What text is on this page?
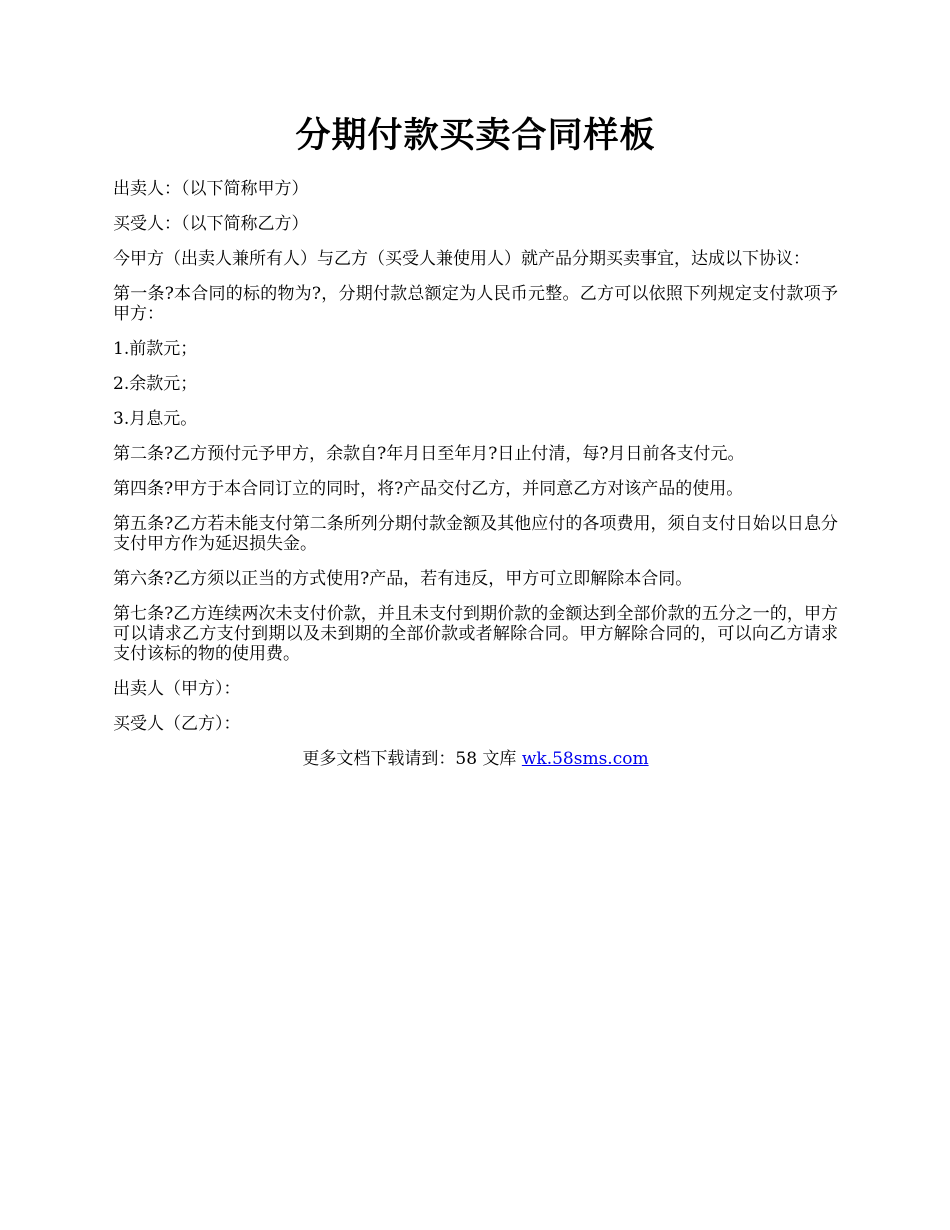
分期付款买卖合同样板

出卖人：（以下简称甲方）

买受人：（以下简称乙方）

今甲方（出卖人兼所有人）与乙方（买受人兼使用人）就产品分期买卖事宜，达成以下协议：

第一条?本合同的标的物为?，分期付款总额定为人民币元整。乙方可以依照下列规定支付款项予甲方：

1.前款元；

2.余款元；

3.月息元。

第二条?乙方预付元予甲方，余款自?年月日至年月?日止付清，每?月日前各支付元。

第四条?甲方于本合同订立的同时，将?产品交付乙方，并同意乙方对该产品的使用。

第五条?乙方若未能支付第二条所列分期付款金额及其他应付的各项费用，须自支付日始以日息分支付甲方作为延迟损失金。

第六条?乙方须以正当的方式使用?产品，若有违反，甲方可立即解除本合同。

第七条?乙方连续两次未支付价款，并且未支付到期价款的金额达到全部价款的五分之一的，甲方可以请求乙方支付到期以及未到期的全部价款或者解除合同。甲方解除合同的，可以向乙方请求支付该标的物的使用费。

出卖人（甲方）：

买受人（乙方）：

更多文档下载请到：58 文库 wk.58sms.com
